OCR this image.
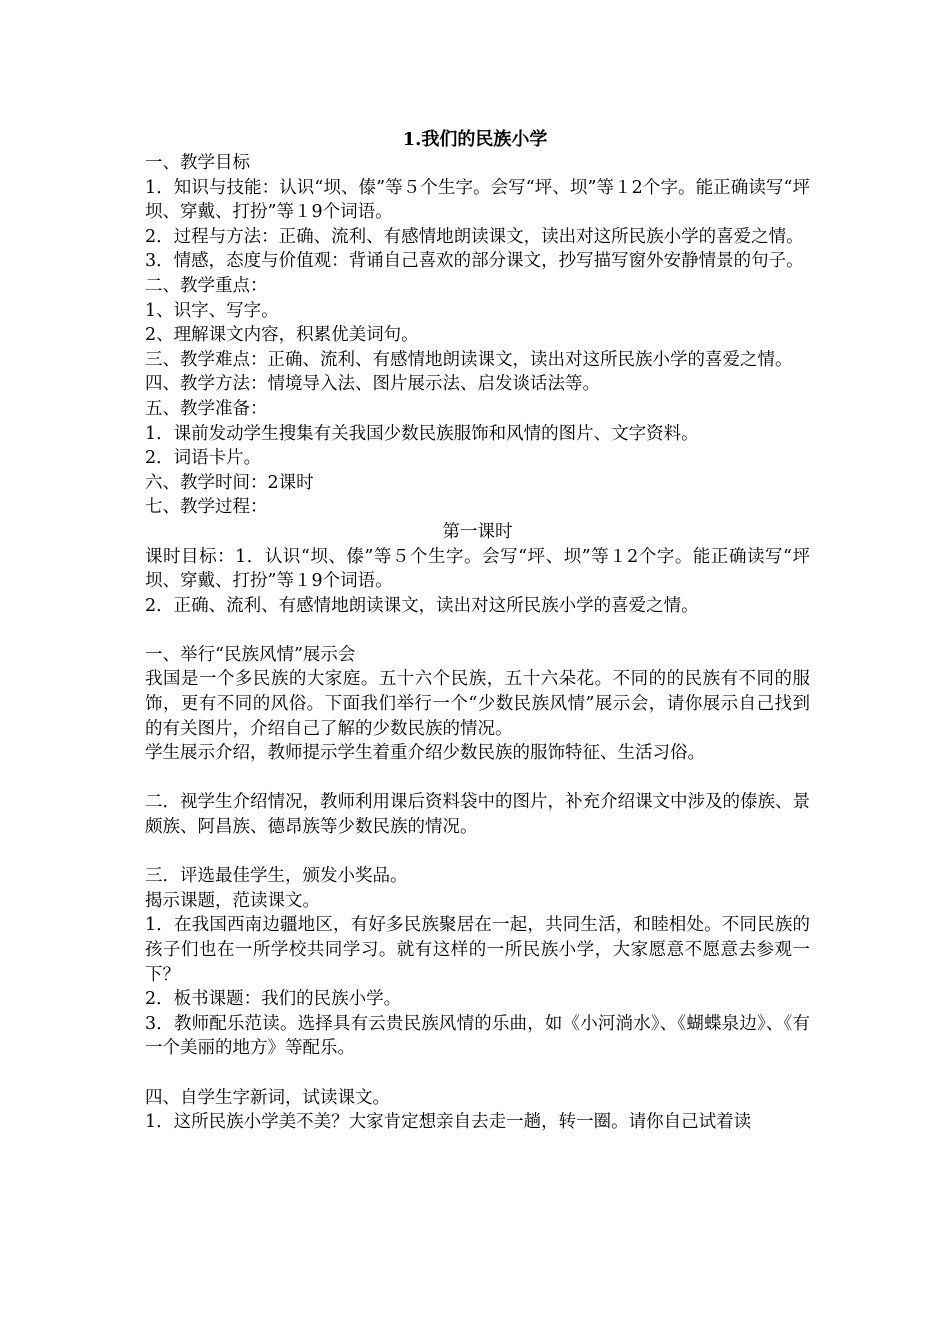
1.我们的民族小学

一、教学目标

1．知识与技能：认识“坝、傣”等５个生字。会写“坪、坝”等１2个字。能正确读写“坪坝、穿戴、打扮”等１9个词语。

2．过程与方法：正确、流利、有感情地朗读课文，读出对这所民族小学的喜爱之情。

3．情感，态度与价值观：背诵自己喜欢的部分课文，抄写描写窗外安静情景的句子。

二、教学重点：

1、识字、写字。

2、理解课文内容，积累优美词句。

三、教学难点：正确、流利、有感情地朗读课文，读出对这所民族小学的喜爱之情。

四、教学方法：情境导入法、图片展示法、启发谈话法等。

五、教学准备：

1．课前发动学生搜集有关我国少数民族服饰和风情的图片、文字资料。

2．词语卡片。

六、教学时间：2课时

七、教学过程：

第一课时

课时目标：1．认识“坝、傣”等５个生字。会写“坪、坝”等１2个字。能正确读写“坪坝、穿戴、打扮”等１9个词语。

2．正确、流利、有感情地朗读课文，读出对这所民族小学的喜爱之情。

一、举行“民族风情”展示会

我国是一个多民族的大家庭。五十六个民族，五十六朵花。不同的的民族有不同的服饰，更有不同的风俗。下面我们举行一个“少数民族风情”展示会，请你展示自己找到的有关图片，介绍自己了解的少数民族的情况。

学生展示介绍，教师提示学生着重介绍少数民族的服饰特征、生活习俗。

二．视学生介绍情况，教师利用课后资料袋中的图片，补充介绍课文中涉及的傣族、景颇族、阿昌族、德昂族等少数民族的情况。

三．评选最佳学生，颁发小奖品。

揭示课题，范读课文。

1．在我国西南边疆地区，有好多民族聚居在一起，共同生活，和睦相处。不同民族的孩子们也在一所学校共同学习。就有这样的一所民族小学，大家愿意不愿意去参观一下？

2．板书课题：我们的民族小学。

3．教师配乐范读。选择具有云贵民族风情的乐曲，如《小河淌水》、《蝴蝶泉边》、《有一个美丽的地方》等配乐。

四、自学生字新词，试读课文。

1．这所民族小学美不美？大家肯定想亲自去走一趟，转一圈。请你自己试着读
